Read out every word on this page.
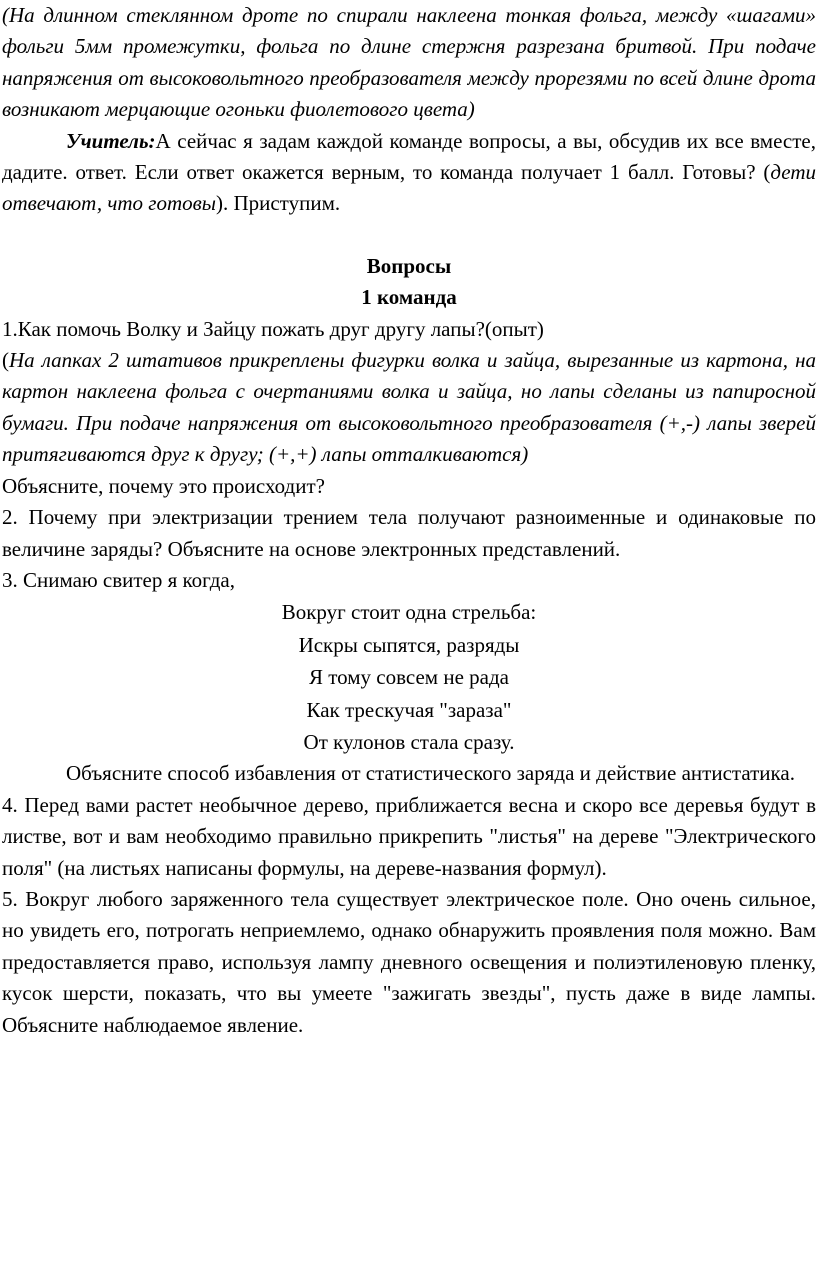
(На длинном стеклянном дроте по спирали наклеена тонкая фольга, между «шагами» фольги 5мм промежутки, фольга по длине стержня разрезана бритвой. При подаче напряжения от высоковольтного преобразователя между прорезями по всей длине дрота возникают мерцающие огоньки фиолетового цвета)

Учитель:А сейчас я задам каждой команде вопросы, а вы, обсудив их все вместе, дадите. ответ. Если ответ окажется верным, то команда получает 1 балл. Готовы? (дети отвечают, что готовы). Приступим.

Вопросы

1 команда

1.Как помочь Волку и Зайцу пожать друг другу лапы?(опыт)

(На лапках 2 штативов прикреплены фигурки волка и зайца, вырезанные из картона, на картон наклеена фольга с очертаниями волка и зайца, но лапы сделаны из папиросной бумаги. При подаче напряжения от высоковольтного преобразователя (+,-) лапы зверей притягиваются друг к другу; (+,+) лапы отталкиваются)

Объясните, почему это происходит?

2. Почему при электризации трением тела получают разноименные и одинаковые по величине заряды? Объясните на основе электронных представлений.

3. Снимаю свитер я когда,

Вокруг стоит одна стрельба:
Искры сыпятся, разряды
Я тому совсем не рада
Как трескучая "зараза"
От кулонов стала сразу.

Объясните способ избавления от статистического заряда и действие антистатика.

4. Перед вами растет необычное дерево, приближается весна и скоро все деревья будут в листве, вот и вам необходимо правильно прикрепить "листья" на дереве "Электрического поля" (на листьях написаны формулы, на дереве-названия формул).

5. Вокруг любого заряженного тела существует электрическое поле. Оно очень сильное, но увидеть его, потрогать неприемлемо, однако обнаружить проявления поля можно. Вам предоставляется право, используя лампу дневного освещения и полиэтиленовую пленку, кусок шерсти, показать, что вы умеете "зажигать звезды", пусть даже в виде лампы. Объясните наблюдаемое явление.
